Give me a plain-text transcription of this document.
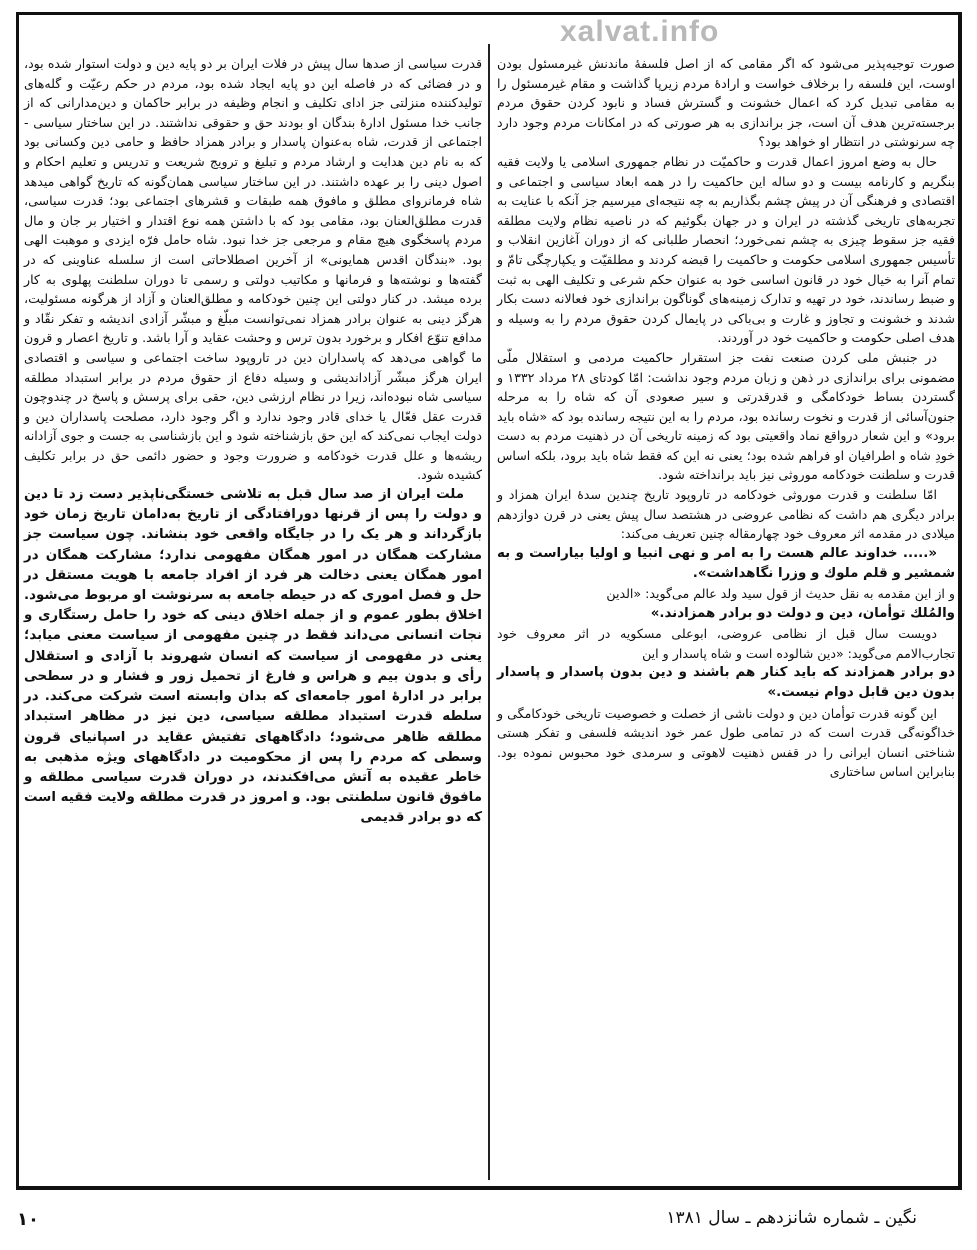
xalvat.info

صورت توجیه‌پذیر می‌شود که اگر مقامی که از اصل فلسفهٔ ماندنش غیرمسئول بودن اوست، این فلسفه را برخلاف خواست و ارادهٔ مردم زیرپا گذاشت و مقام غیرمسئول را به مقامی تبدیل کرد که اعمال خشونت و گسترش فساد و نابود کردن حقوق مردم برجسته‌ترین هدف آن است، جز براندازی به هر صورتی که در امکانات مردم وجود دارد چه سرنوشتی در انتظار او خواهد بود؟

حال به وضع امروز اعمال قدرت و حاکمیّت در نظام جمهوری اسلامی یا ولایت فقیه بنگریم و کارنامه بیست و دو ساله این حاکمیت را در همه ابعاد سیاسی و اجتماعی و اقتصادی و فرهنگی آن در پیش چشم بگذاریم به چه نتیجه‌ای میرسیم جز آنکه با عنایت به تجربه‌های تاریخی گذشته در ایران و در جهان بگوئیم که در ناصیه نظام ولایت مطلقه فقیه جز سقوط چیزی به چشم نمی‌خورد؛ انحصار طلبانی که از دوران آغازین انقلاب و تأسیس جمهوری اسلامی حکومت و حاکمیت را قبضه کردند و مطلقیّت و یکپارچگی تامّ و تمام آنرا به خیال خود در قانون اساسی خود به عنوان حکم شرعی و تکلیف الهی به ثبت و ضبط رساندند، خود در تهیه و تدارک زمینه‌های گوناگون براندازی خود فعالانه دست بکار شدند و خشونت و تجاوز و غارت و بی‌باکی در پایمال کردن حقوق مردم را به وسیله و هدف اصلی حکومت و حاکمیت خود در آوردند.

در جنبش ملی کردن صنعت نفت جز استقرار حاکمیت مردمی و استقلال ملّی مضمونی برای براندازی در ذهن و زبان مردم وجود نداشت: امّا کودتای ۲۸ مرداد ۱۳۳۲ و گستردن بساط خودکامگی و قدرقدرتی و سیر صعودی آن که شاه را به مرحله جنون‌آسائی از قدرت و نخوت رسانده بود، مردم را به این نتیجه رسانده بود که «شاه باید برود» و این شعار درواقع نماد واقعیتی بود که زمینه تاریخی آن در ذهنیت مردم به دست خودِ شاه و اطرافیان او فراهم شده بود؛ یعنی نه این که فقط شاه باید برود، بلکه اساس قدرت و سلطنت خودکامه موروثی نیز باید برانداخته شود.

امّا سلطنت و قدرت موروثی خودکامه در تاروپود تاریخ چندین سدهٔ ایران همزاد و برادر دیگری هم داشت که نظامی عروضی در هشتصد سال پیش یعنی در قرن دوازدهم میلادی در مقدمه اثر معروف خود چهارمقاله چنین تعریف می‌کند:

«..... خداوند عالم هست را به امر و نهی انبیا و اولیا بیاراست و به شمشیر و قلم ملوك و وزرا نگاهداشت».

و از این مقدمه به نقل حدیث از قول سید ولد عالم می‌گوید: «الدین

والمُلك توأمان، دین و دولت دو برادر همزادند.»

دویست سال قبل از نظامی عروضی، ابوعلی مسکویه در اثر معروف خود تجارب‌الامم می‌گوید: «دین شالوده است و شاه پاسدار و این

دو برادر همزادند که باید کنار هم باشند و دین بدون پاسدار و پاسدار بدون دین قابل دوام نیست.»

این گونه قدرت توأمان دین و دولت ناشی از خصلت و خصوصیت تاریخی خودکامگی و خداگونه‌گی قدرت است که در تمامی طول عمر خود اندیشه فلسفی و تفکر هستی شناختی انسان ایرانی را در قفس ذهنیت لاهوتی و سرمدی خود محبوس نموده بود. بنابراین اساس ساختاری

قدرت سیاسی از صدها سال پیش در فلات ایران بر دو پایه دین و دولت استوار شده بود، و در فضائی که در فاصله این دو پایه ایجاد شده بود، مردم در حکم رعیّت و گله‌های تولیدکننده منزلتی جز ادای تکلیف و انجام وظیفه در برابر حاکمان و دین‌مدارانی که از جانب خدا مسئول ادارهٔ بندگان او بودند حق و حقوقی نداشتند. در این ساختار سیاسی - اجتماعی از قدرت، شاه به‌عنوان پاسدار و برادر همزاد حافظ و حامی دین وکسانی بود که به نام دین هدایت و ارشاد مردم و تبلیغ و ترویج شریعت و تدریس و تعلیم احکام و اصول دینی را بر عهده داشتند. در این ساختار سیاسی همان‌گونه که تاریخ گواهی میدهد شاه فرمانروای مطلق و مافوق همه طبقات و قشرهای اجتماعی بود؛ قدرت سیاسی، قدرت مطلق‌العنان بود، مقامی بود که با داشتن همه نوع اقتدار و اختیار بر جان و مال مردم پاسخگوی هیچ مقام و مرجعی جز خدا نبود. شاه حامل فرّه ایزدی و موهبت الهی بود. «بندگان اقدس همایونی» از آخرین اصطلاحاتی است از سلسله عناوینی که در گفته‌ها و نوشته‌ها و فرمانها و مکاتیب دولتی و رسمی تا دوران سلطنت پهلوی به کار برده میشد. در کنار دولتی این چنین خودکامه و مطلق‌العنان و آزاد از هرگونه مسئولیت، هرگز دینی به عنوان برادر همزاد نمی‌توانست مبلّغ و مبشّر آزادی اندیشه و تفکر نقّاد و مدافع تنوّع افکار و برخورد بدون ترس و وحشت عقاید و آرا باشد. و تاریخ اعصار و قرون ما گواهی می‌دهد که پاسداران دین در تاروپود ساخت اجتماعی و سیاسی و اقتصادی ایران هرگز مبشّر آزاداندیشی و وسیله دفاع از حقوق مردم در برابر استبداد مطلقه سیاسی شاه نبوده‌اند، زیرا در نظام ارزشی دین، حقی برای پرسش و پاسخ در چندوچون قدرت عقل فعّال یا خدای قادر وجود ندارد و اگر وجود دارد، مصلحت پاسداران دین و دولت ایجاب نمی‌کند که این حق بازشناخته شود و این بازشناسی به جست و جوی آزادانه ریشه‌ها و علل قدرت خودکامه و ضرورت وجود و حضور دائمی حق در برابر تکلیف کشیده شود.

ملت ایران از صد سال قبل به تلاشی خستگی‌ناپذیر دست زد تا دین و دولت را پس از قرنها دورافتادگی از تاریخ به‌دامان تاریخ زمان خود بازگرداند و هر یک را در جایگاه واقعی خود بنشاند. چون سیاست جز مشارکت همگان در امور همگان مفهومی ندارد؛ مشارکت همگان در امور همگان یعنی دخالت هر فرد از افراد جامعه با هویت مستقل در حل و فصل اموری که در حیطه جامعه به سرنوشت او مربوط می‌شود. اخلاق بطور عموم و از جمله اخلاق دینی که خود را حامل رستگاری و نجات انسانی می‌داند فقط در چنین مفهومی از سیاست معنی میابد؛ یعنی در مفهومی از سیاست که انسان شهروند با آزادی و استقلال رأی و بدون بیم و هراس و فارغ از تحمیل زور و فشار و در سطحی برابر در ادارهٔ امور جامعه‌ای که بدان وابسته است شرکت می‌کند. در سلطه قدرت استبداد مطلقه سیاسی، دین نیز در مظاهر استبداد مطلقه ظاهر می‌شود؛ دادگاههای تفتیش عقاید در اسپانیای قرون وسطی که مردم را پس از محکومیت در دادگاههای ویژه مذهبی به خاطر عقیده به آتش می‌افکندند، در دوران قدرت سیاسی مطلقه و مافوق قانون سلطنتی بود. و امروز در قدرت مطلقه ولایت فقیه است که دو برادر قدیمی

نگین ـ شماره شانزدهم ـ سال ۱۳۸۱
۱۰
